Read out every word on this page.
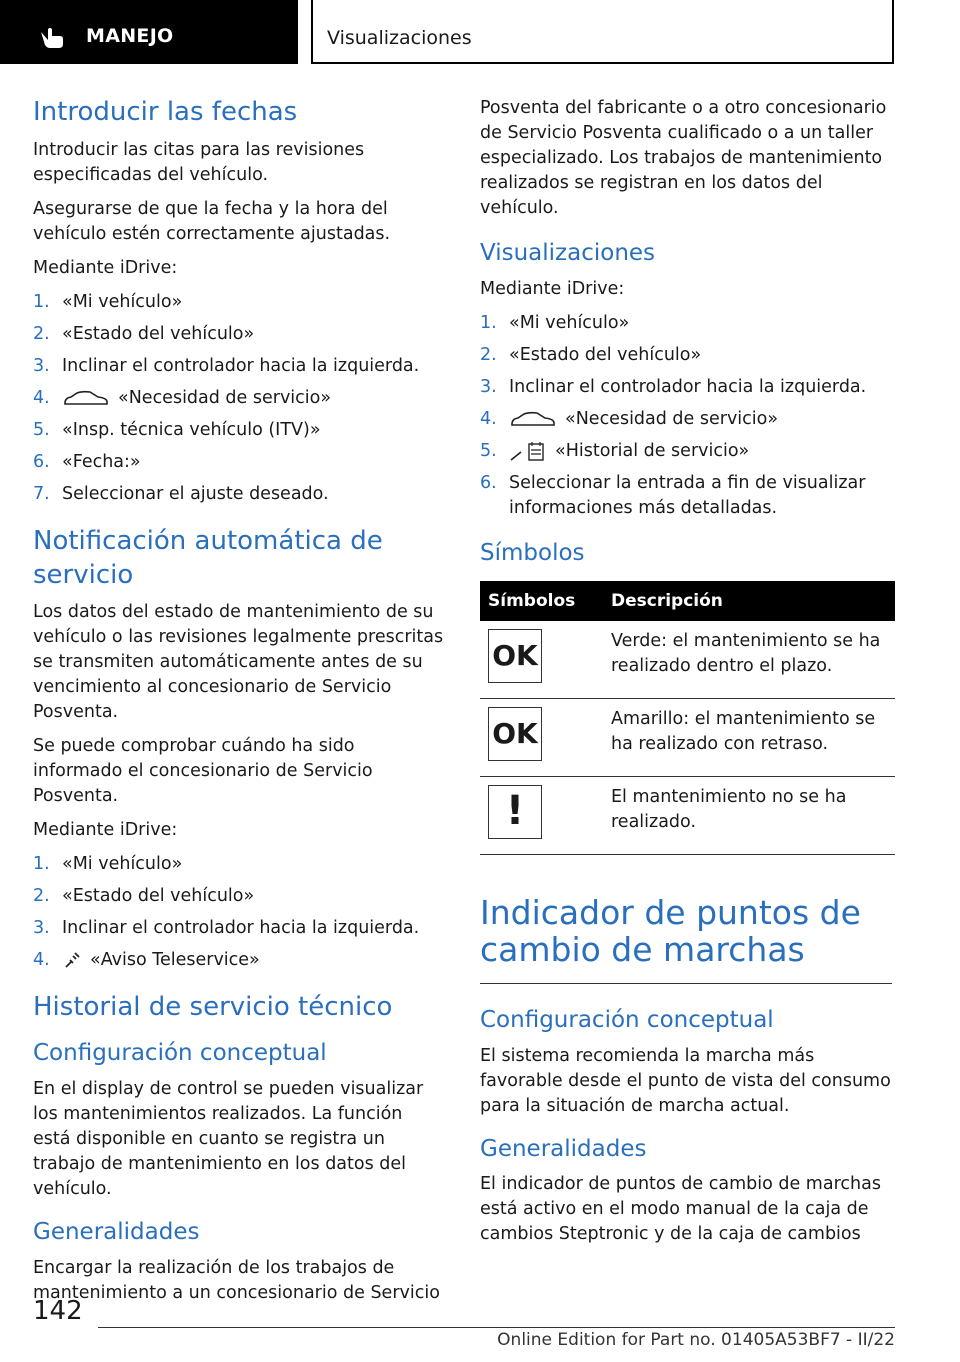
MANEJO	Visualizaciones
Introducir las fechas

Introducir las citas para las revisiones especificadas del vehículo.

Asegurarse de que la fecha y la hora del vehículo estén correctamente ajustadas.

Mediante iDrive:

1. «Mi vehículo»
2. «Estado del vehículo»
3. Inclinar el controlador hacia la izquierda.
4.	«Necesidad de servicio»
5. «Insp. técnica vehículo (ITV)»
6. «Fecha:»
7. Seleccionar el ajuste deseado.
Notificación automática de servicio

Los datos del estado de mantenimiento de su vehículo o las revisiones legalmente prescritas se transmiten automáticamente antes de su vencimiento al concesionario de Servicio Posventa.

Se puede comprobar cuándo ha sido informado el concesionario de Servicio Posventa.

Mediante iDrive:

1. «Mi vehículo»
2. «Estado del vehículo»
3. Inclinar el controlador hacia la izquierda.
4. «Aviso Teleservice»
Historial de servicio técnico
Configuración conceptual

En el display de control se pueden visualizar los mantenimientos realizados. La función está disponible en cuanto se registra un trabajo de mantenimiento en los datos del vehículo.

Generalidades

Encargar la realización de los trabajos de mantenimiento a un concesionario de Servicio

Posventa del fabricante o a otro concesionario de Servicio Posventa cualificado o a un taller especializado. Los trabajos de mantenimiento realizados se registran en los datos del vehículo.

Visualizaciones

Mediante iDrive:

1. «Mi vehículo»
2. «Estado del vehículo»
3. Inclinar el controlador hacia la izquierda.
4.	«Necesidad de servicio»
5.	«Historial de servicio»
6. Seleccionar la entrada a fin de visualizar informaciones más detalladas.
Símbolos
Símbolos	Descripción

OK	Verde: el mantenimiento se ha realizado dentro el plazo.

OK	Amarillo: el mantenimiento se ha realizado con retraso.

!	El mantenimiento no se ha realizado.
Indicador de puntos de cambio de marchas
Configuración conceptual

El sistema recomienda la marcha más favorable desde el punto de vista del consumo para la situación de marcha actual.

Generalidades

El indicador de puntos de cambio de marchas está activo en el modo manual de la caja de cambios Steptronic y de la caja de cambios

142
Online Edition for Part no. 01405A53BF7 - II/22
